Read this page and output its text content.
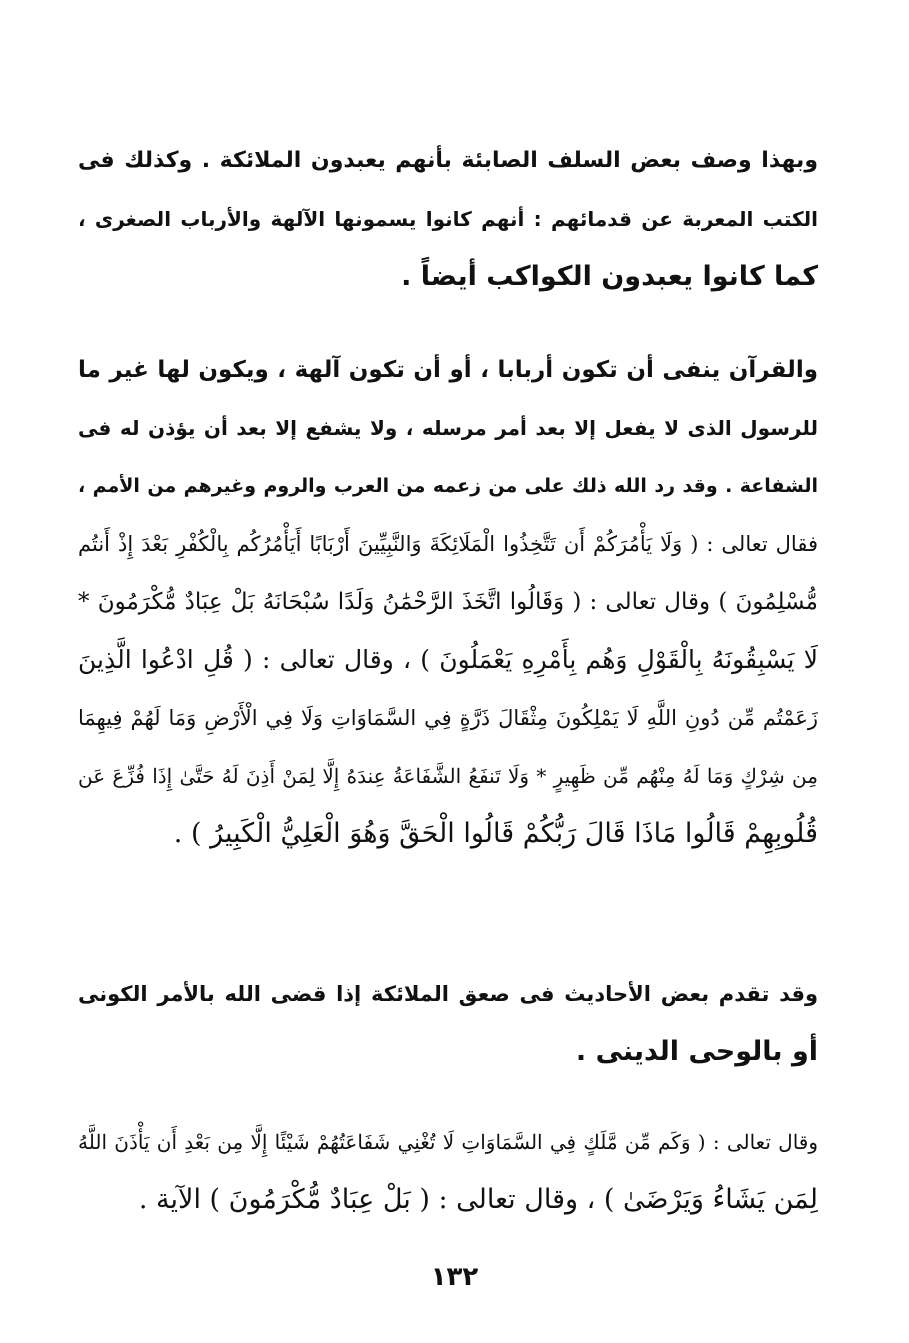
وبهذا وصف بعض السلف الصابئة بأنهم يعبدون الملائكة . وكذلك فى
الكتب المعربة عن قدمائهم : أنهم كانوا يسمونها الآلهة والأرباب الصغرى ،
كما كانوا يعبدون الكواكب أيضاً .
والقرآن ينفى أن تكون أربابا ، أو أن تكون آلهة ، ويكون لها غير ما
للرسول الذى لا يفعل إلا بعد أمر مرسله ، ولا يشفع إلا بعد أن يؤذن له فى
الشفاعة . وقد رد الله ذلك على من زعمه من العرب والروم وغيرهم من الأمم ،
فقال تعالى : ( وَلَا يَأْمُرَكُمْ أَن تَتَّخِذُوا الْمَلَائِكَةَ وَالنَّبِيِّينَ أَرْبَابًا أَيَأْمُرُكُم بِالْكُفْرِ بَعْدَ إِذْ أَنتُم
مُّسْلِمُونَ ) وقال تعالى : ( وَقَالُوا اتَّخَذَ الرَّحْمَٰنُ وَلَدًا سُبْحَانَهُ بَلْ عِبَادٌ مُّكْرَمُونَ *
لَا يَسْبِقُونَهُ بِالْقَوْلِ وَهُم بِأَمْرِهِ يَعْمَلُونَ ) ، وقال تعالى : ( قُلِ ادْعُوا الَّذِينَ
زَعَمْتُم مِّن دُونِ اللَّهِ لَا يَمْلِكُونَ مِثْقَالَ ذَرَّةٍ فِي السَّمَاوَاتِ وَلَا فِي الْأَرْضِ وَمَا لَهُمْ فِيهِمَا
مِن شِرْكٍ وَمَا لَهُ مِنْهُم مِّن ظَهِيرٍ * وَلَا تَنفَعُ الشَّفَاعَةُ عِندَهُ إِلَّا لِمَنْ أَذِنَ لَهُ حَتَّىٰ إِذَا فُزِّعَ عَن
قُلُوبِهِمْ قَالُوا مَاذَا قَالَ رَبُّكُمْ قَالُوا الْحَقَّ وَهُوَ الْعَلِيُّ الْكَبِيرُ ) .
وقد تقدم بعض الأحاديث فى صعق الملائكة إذا قضى الله بالأمر الكونى
أو بالوحى الدينى .
وقال تعالى : ( وَكَم مِّن مَّلَكٍ فِي السَّمَاوَاتِ لَا تُغْنِي شَفَاعَتُهُمْ شَيْئًا إِلَّا مِن بَعْدِ أَن يَأْذَنَ اللَّهُ
لِمَن يَشَاءُ وَيَرْضَىٰ ) ، وقال تعالى : ( بَلْ عِبَادٌ مُّكْرَمُونَ ) الآية .
١٣٢
